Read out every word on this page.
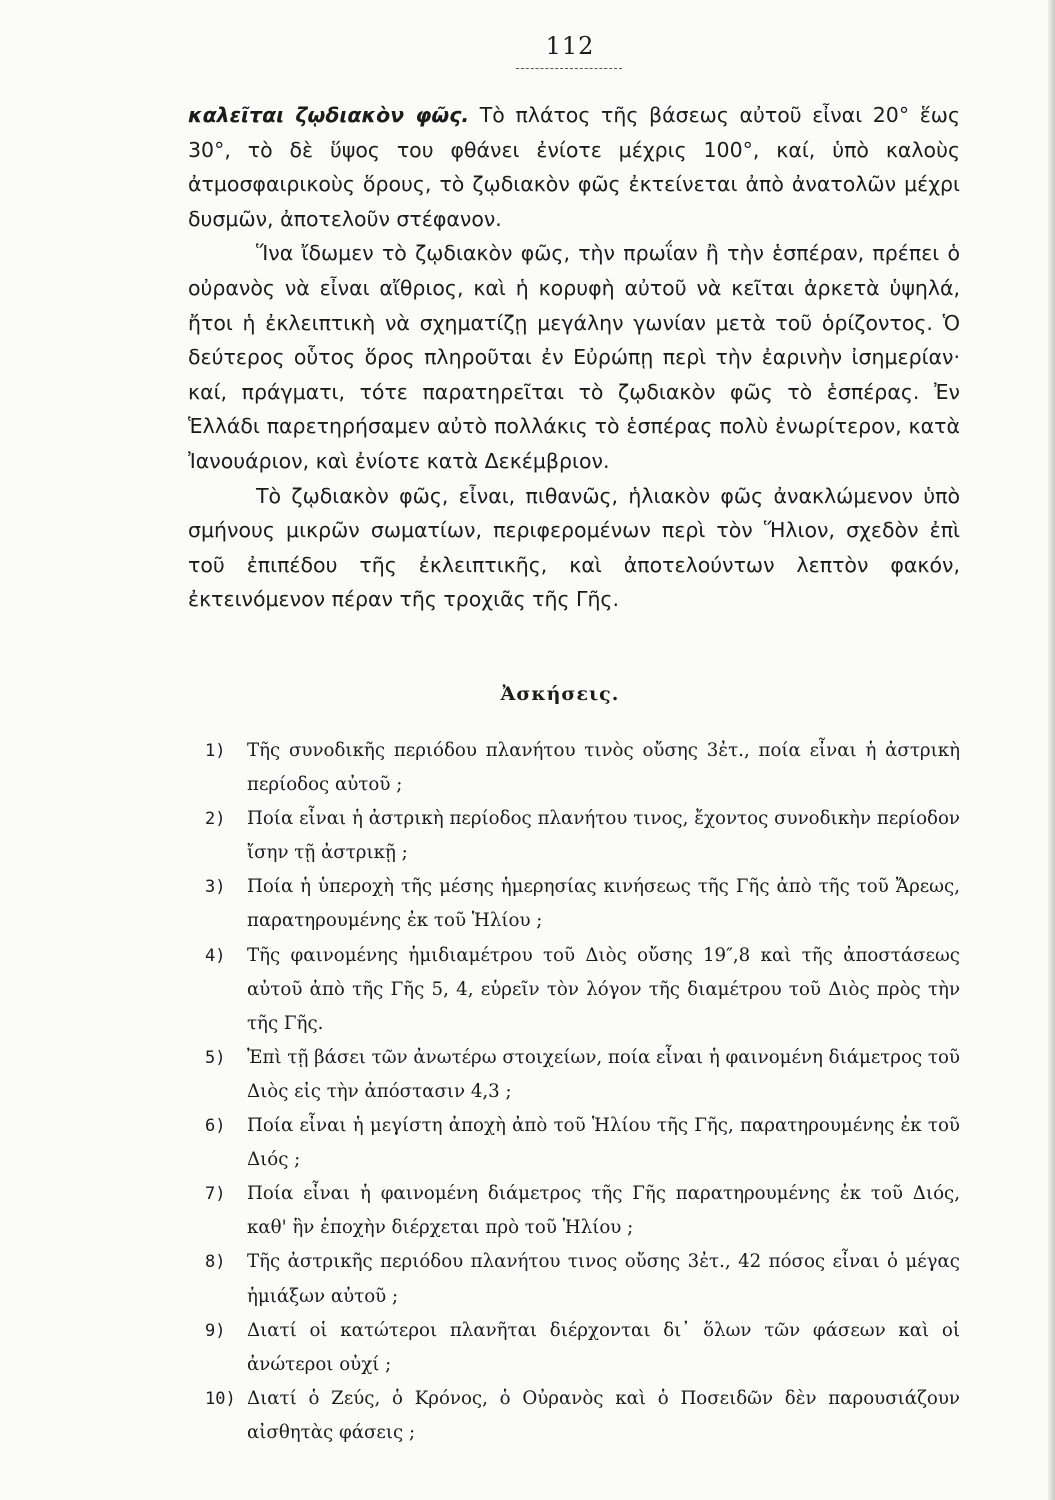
112

καλεῖται ζῳδιακὸν φῶς. Τὸ πλάτος τῆς βάσεως αὐτοῦ εἶναι 20° ἕως 30°, τὸ δὲ ὕψος του φθάνει ἐνίοτε μέχρις 100°, καί, ὑπὸ καλοὺς ἀτμοσφαιρικοὺς ὅρους, τὸ ζῳδιακὸν φῶς ἐκτείνεται ἀπὸ ἀνατολῶν μέχρι δυσμῶν, ἀποτελοῦν στέφανον.

Ἵνα ἴδωμεν τὸ ζῳδιακὸν φῶς, τὴν πρωΐαν ἢ τὴν ἑσπέραν, πρέπει ὁ οὐρανὸς νὰ εἶναι αἴθριος, καὶ ἡ κορυφὴ αὐτοῦ νὰ κεῖται ἀρκετὰ ὑψηλά, ἤτοι ἡ ἐκλειπτικὴ νὰ σχηματίζῃ μεγάλην γωνίαν μετὰ τοῦ ὁρίζοντος. Ὁ δεύτερος οὗτος ὅρος πληροῦται ἐν Εὐρώπῃ περὶ τὴν ἐαρινὴν ἰσημερίαν· καί, πράγματι, τότε παρατηρεῖται τὸ ζῳδιακὸν φῶς τὸ ἑσπέρας. Ἐν Ἑλλάδι παρετηρήσαμεν αὐτὸ πολλάκις τὸ ἑσπέρας πολὺ ἐνωρίτερον, κατὰ Ἰανουάριον, καὶ ἐνίοτε κατὰ Δεκέμβριον.

Τὸ ζῳδιακὸν φῶς, εἶναι, πιθανῶς, ἡλιακὸν φῶς ἀνακλώμενον ὑπὸ σμήνους μικρῶν σωματίων, περιφερομένων περὶ τὸν Ἥλιον, σχεδὸν ἐπὶ τοῦ ἐπιπέδου τῆς ἐκλειπτικῆς, καὶ ἀποτελούντων λεπτὸν φακόν, ἐκτεινόμενον πέραν τῆς τροχιᾶς τῆς Γῆς.

Ἀσκήσεις.
1)	Τῆς συνοδικῆς περιόδου πλανήτου τινὸς οὔσης 3ἐτ., ποία εἶναι ἡ ἀστρικὴ περίοδος αὐτοῦ ;
2)	Ποία εἶναι ἡ ἀστρικὴ περίοδος πλανήτου τινος, ἔχοντος συνοδικὴν περίοδον ἴσην τῇ ἀστρικῇ ;
3)	Ποία ἡ ὑπεροχὴ τῆς μέσης ἡμερησίας κινήσεως τῆς Γῆς ἀπὸ τῆς τοῦ Ἄρεως, παρατηρουμένης ἐκ τοῦ Ἡλίου ;
4)	Τῆς φαινομένης ἡμιδιαμέτρου τοῦ Διὸς οὔσης 19″,8 καὶ τῆς ἀποστάσεως αὐτοῦ ἀπὸ τῆς Γῆς 5, 4, εὑρεῖν τὸν λόγον τῆς διαμέτρου τοῦ Διὸς πρὸς τὴν τῆς Γῆς.
5)	Ἐπὶ τῇ βάσει τῶν ἀνωτέρω στοιχείων, ποία εἶναι ἡ φαινομένη διάμετρος τοῦ Διὸς εἰς τὴν ἀπόστασιν 4,3 ;
6)	Ποία εἶναι ἡ μεγίστη ἀποχὴ ἀπὸ τοῦ Ἡλίου τῆς Γῆς, παρατηρουμένης ἐκ τοῦ Διός ;
7)	Ποία εἶναι ἡ φαινομένη διάμετρος τῆς Γῆς παρατηρουμένης ἐκ τοῦ Διός, καθ' ἣν ἐποχὴν διέρχεται πρὸ τοῦ Ἡλίου ;
8)	Τῆς ἀστρικῆς περιόδου πλανήτου τινος οὔσης 3ἐτ., 42 πόσος εἶναι ὁ μέγας ἡμιάξων αὐτοῦ ;
9)	Διατί οἱ κατώτεροι πλανῆται διέρχονται δι᾿ ὅλων τῶν φάσεων καὶ οἱ ἀνώτεροι οὐχί ;
10) Διατί ὁ Ζεύς, ὁ Κρόνος, ὁ Οὐρανὸς καὶ ὁ Ποσειδῶν δὲν παρουσιάζουν αἰσθητὰς φάσεις ;
